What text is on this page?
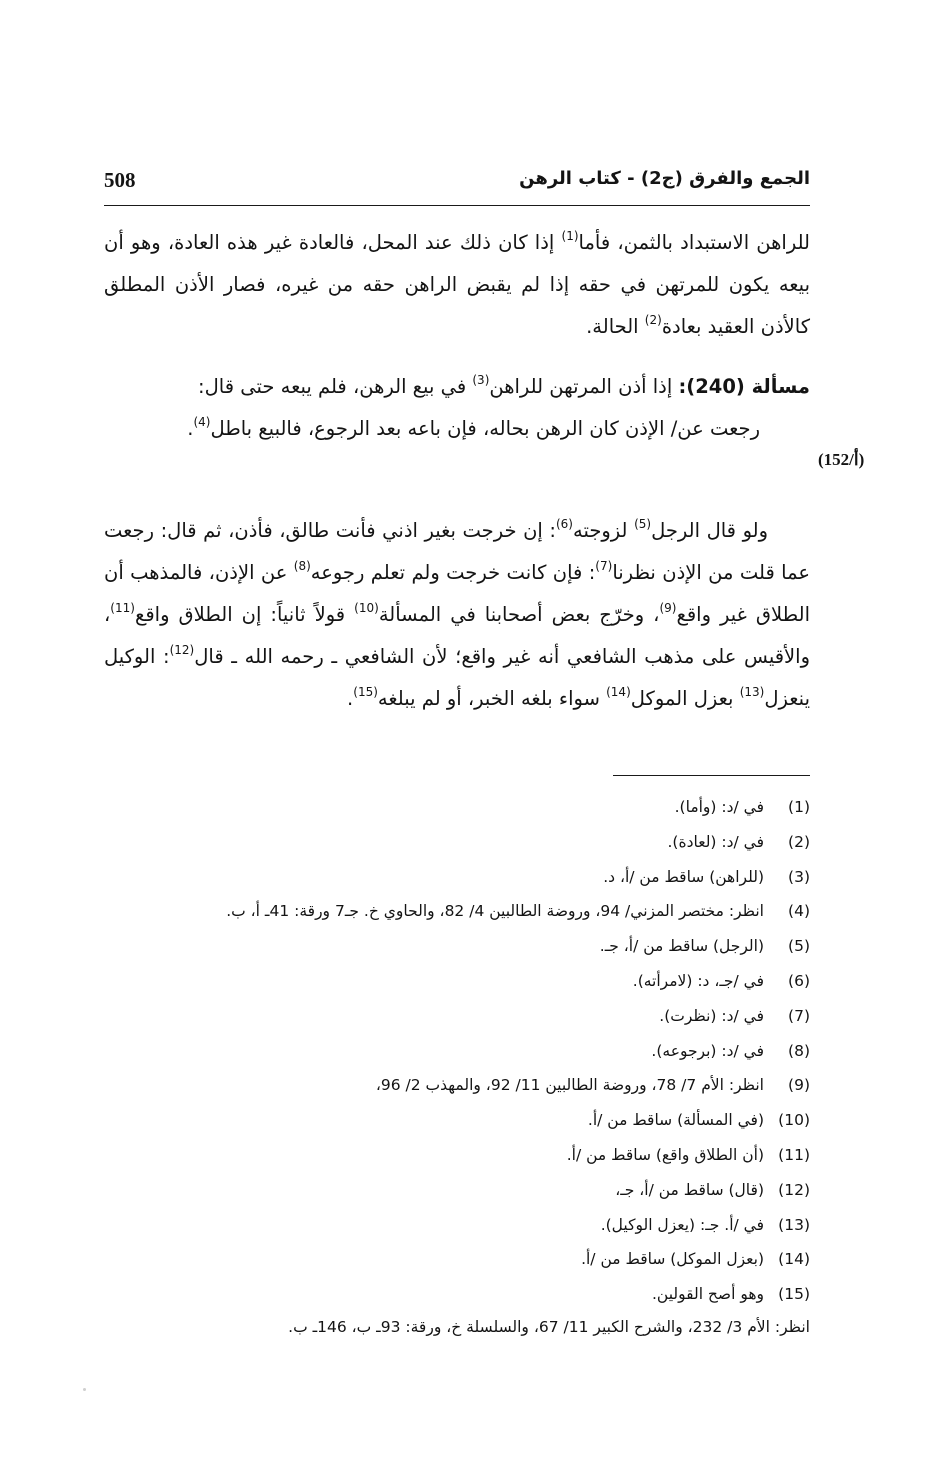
508	الجمع والفرق (ج2) - كتاب الرهن
للراهن الاستبداد بالثمن، فأما$^{(1)}$ إذا كان ذلك عند المحل، فالعادة غير هذه العادة، وهو أن بيعه يكون للمرتهن في حقه إذا لم يقبض الراهن حقه من غيره، فصار الأذن المطلق كالأذن العقيد بعادة$^{(2)}$ الحالة.
مسألة (240): إذا أذن المرتهن للراهن$^{(3)}$ في بيع الرهن، فلم يبعه حتى قال:
رجعت عن/ الإذن كان الرهن بحاله، فإن باعه بعد الرجوع، فالبيع باطل$^{(4)}$.
(152/أ)
ولو قال الرجل$^{(5)}$ لزوجته$^{(6)}$: إن خرجت بغير اذني فأنت طالق، فأذن، ثم قال: رجعت عما قلت من الإذن نظرنا$^{(7)}$: فإن كانت خرجت ولم تعلم رجوعه$^{(8)}$ عن الإذن، فالمذهب أن الطلاق غير واقع$^{(9)}$، وخرّج بعض أصحابنا في المسألة$^{(10)}$ قولاً ثانياً: إن الطلاق واقع$^{(11)}$، والأقيس على مذهب الشافعي أنه غير واقع؛ لأن الشافعي ـ رحمه الله ـ قال$^{(12)}$: الوكيل ينعزل$^{(13)}$ بعزل الموكل$^{(14)}$ سواء بلغه الخبر، أو لم يبلغه$^{(15)}$.
(1)في /د: (وأما).
(2)في /د: (لعادة).
(3)(للراهن) ساقط من /أ، د.
(4)انظر: مختصر المزني/ 94، وروضة الطالبين 4/ 82، والحاوي خ. جـ7 ورقة: 41ـ أ، ب.
(5)(الرجل) ساقط من /أ، جـ.
(6)في /جـ، د: (لامرأته).
(7)في /د: (نظرت).
(8)في /د: (برجوعه).
(9)انظر: الأم 7/ 78، وروضة الطالبين 11/ 92، والمهذب 2/ 96،
(10)(في المسألة) ساقط من /أ.
(11)(أن الطلاق واقع) ساقط من /أ.
(12)(قال) ساقط من /أ، جـ،
(13)في /أ. جـ: (يعزل الوكيل).
(14)(بعزل الموكل) ساقط من /أ.
(15)وهو أصح القولين.
انظر: الأم 3/ 232، والشرح الكبير 11/ 67، والسلسلة خ، ورقة: 93ـ ب، 146ـ ب.
